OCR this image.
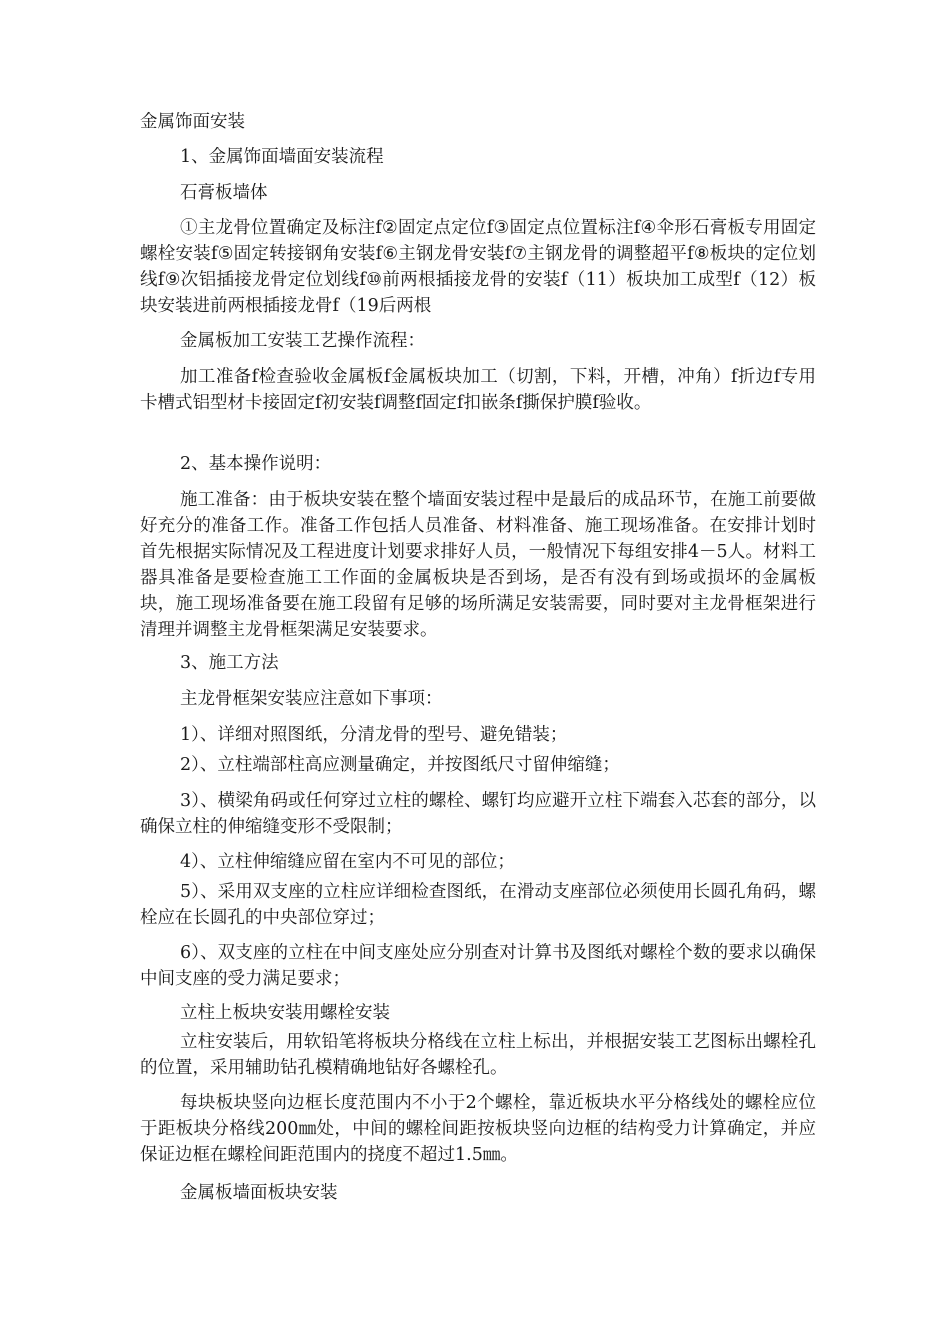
金属饰面安装

1、金属饰面墙面安装流程

石膏板墙体

①主龙骨位置确定及标注f②固定点定位f③固定点位置标注f④伞形石膏板专用固定螺栓安装f⑤固定转接钢角安装f⑥主钢龙骨安装f⑦主钢龙骨的调整超平f⑧板块的定位划线f⑨次铝插接龙骨定位划线f⑩前两根插接龙骨的安装f（11）板块加工成型f（12）板块安装进前两根插接龙骨f（19后两根

金属板加工安装工艺操作流程：

加工准备f检查验收金属板f金属板块加工（切割，下料，开槽，冲角）f折边f专用卡槽式铝型材卡接固定f初安装f调整f固定f扣嵌条f撕保护膜f验收。

2、基本操作说明：

施工准备：由于板块安装在整个墙面安装过程中是最后的成品环节，在施工前要做好充分的准备工作。准备工作包括人员准备、材料准备、施工现场准备。在安排计划时首先根据实际情况及工程进度计划要求排好人员，一般情况下每组安排4－5人。材料工器具准备是要检查施工工作面的金属板块是否到场，是否有没有到场或损坏的金属板块，施工现场准备要在施工段留有足够的场所满足安装需要，同时要对主龙骨框架进行清理并调整主龙骨框架满足安装要求。

3、施工方法

主龙骨框架安装应注意如下事项：

1）、详细对照图纸，分清龙骨的型号、避免错装；

2）、立柱端部柱高应测量确定，并按图纸尺寸留伸缩缝；

3）、横梁角码或任何穿过立柱的螺栓、螺钉均应避开立柱下端套入芯套的部分，以确保立柱的伸缩缝变形不受限制；

4）、立柱伸缩缝应留在室内不可见的部位；

5）、采用双支座的立柱应详细检查图纸，在滑动支座部位必须使用长圆孔角码，螺栓应在长圆孔的中央部位穿过；

6）、双支座的立柱在中间支座处应分别查对计算书及图纸对螺栓个数的要求以确保中间支座的受力满足要求；

立柱上板块安装用螺栓安装

立柱安装后，用软铅笔将板块分格线在立柱上标出，并根据安装工艺图标出螺栓孔的位置，采用辅助钻孔模精确地钻好各螺栓孔。

每块板块竖向边框长度范围内不小于2个螺栓，靠近板块水平分格线处的螺栓应位于距板块分格线200㎜处，中间的螺栓间距按板块竖向边框的结构受力计算确定，并应保证边框在螺栓间距范围内的挠度不超过1.5㎜。

金属板墙面板块安装
